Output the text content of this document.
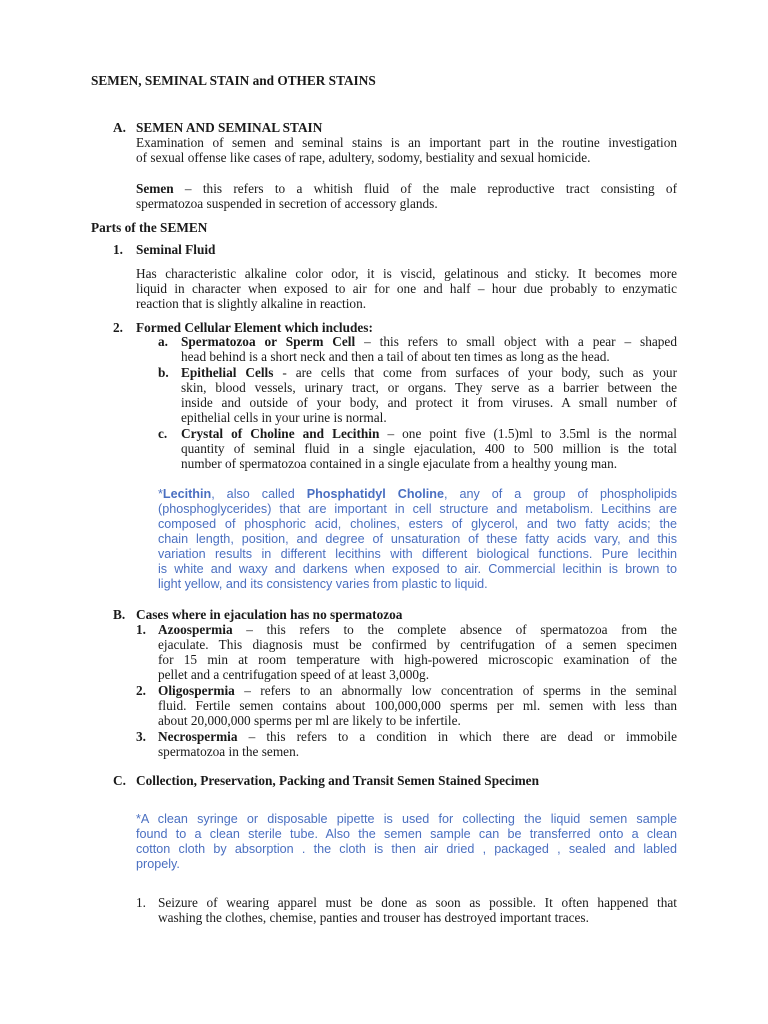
SEMEN, SEMINAL STAIN and OTHER STAINS
A. SEMEN AND SEMINAL STAIN
Examination of semen and seminal stains is an important part in the routine investigation
of sexual offense like cases of rape, adultery, sodomy, bestiality and sexual homicide.
Semen – this refers to a whitish fluid of the male reproductive tract consisting of
spermatozoa suspended in secretion of accessory glands.
Parts of the SEMEN
1. Seminal Fluid
Has characteristic alkaline color odor, it is viscid, gelatinous and sticky. It becomes more
liquid in character when exposed to air for one and half – hour due probably to enzymatic
reaction that is slightly alkaline in reaction.
2. Formed Cellular Element which includes:
a. Spermatozoa or Sperm Cell – this refers to small object with a pear – shaped
head behind is a short neck and then a tail of about ten times as long as the head.
b. Epithelial Cells - are cells that come from surfaces of your body, such as your
skin, blood vessels, urinary tract, or organs. They serve as a barrier between the
inside and outside of your body, and protect it from viruses. A small number of
epithelial cells in your urine is normal.
c. Crystal of Choline and Lecithin – one point five (1.5)ml to 3.5ml is the normal
quantity of seminal fluid in a single ejaculation, 400 to 500 million is the total
number of spermatozoa contained in a single ejaculate from a healthy young man.
*Lecithin, also called Phosphatidyl Choline, any of a group of phospholipids
(phosphoglycerides) that are important in cell structure and metabolism. Lecithins are
composed of phosphoric acid, cholines, esters of glycerol, and two fatty acids; the
chain length, position, and degree of unsaturation of these fatty acids vary, and this
variation results in different lecithins with different biological functions. Pure lecithin
is white and waxy and darkens when exposed to air. Commercial lecithin is brown to
light yellow, and its consistency varies from plastic to liquid.
B. Cases where in ejaculation has no spermatozoa
1. Azoospermia – this refers to the complete absence of spermatozoa from the
ejaculate. This diagnosis must be confirmed by centrifugation of a semen specimen
for 15 min at room temperature with high-powered microscopic examination of the
pellet and a centrifugation speed of at least 3,000g.
2. Oligospermia – refers to an abnormally low concentration of sperms in the seminal
fluid. Fertile semen contains about 100,000,000 sperms per ml. semen with less than
about 20,000,000 sperms per ml are likely to be infertile.
3. Necrospermia – this refers to a condition in which there are dead or immobile
spermatozoa in the semen.
C. Collection, Preservation, Packing and Transit Semen Stained Specimen
*A clean syringe or disposable pipette is used for collecting the liquid semen sample
found to a clean sterile tube. Also the semen sample can be transferred onto a clean
cotton cloth by absorption . the cloth is then air dried , packaged , sealed and labled
propely.
1. Seizure of wearing apparel must be done as soon as possible. It often happened that
washing the clothes, chemise, panties and trouser has destroyed important traces.
